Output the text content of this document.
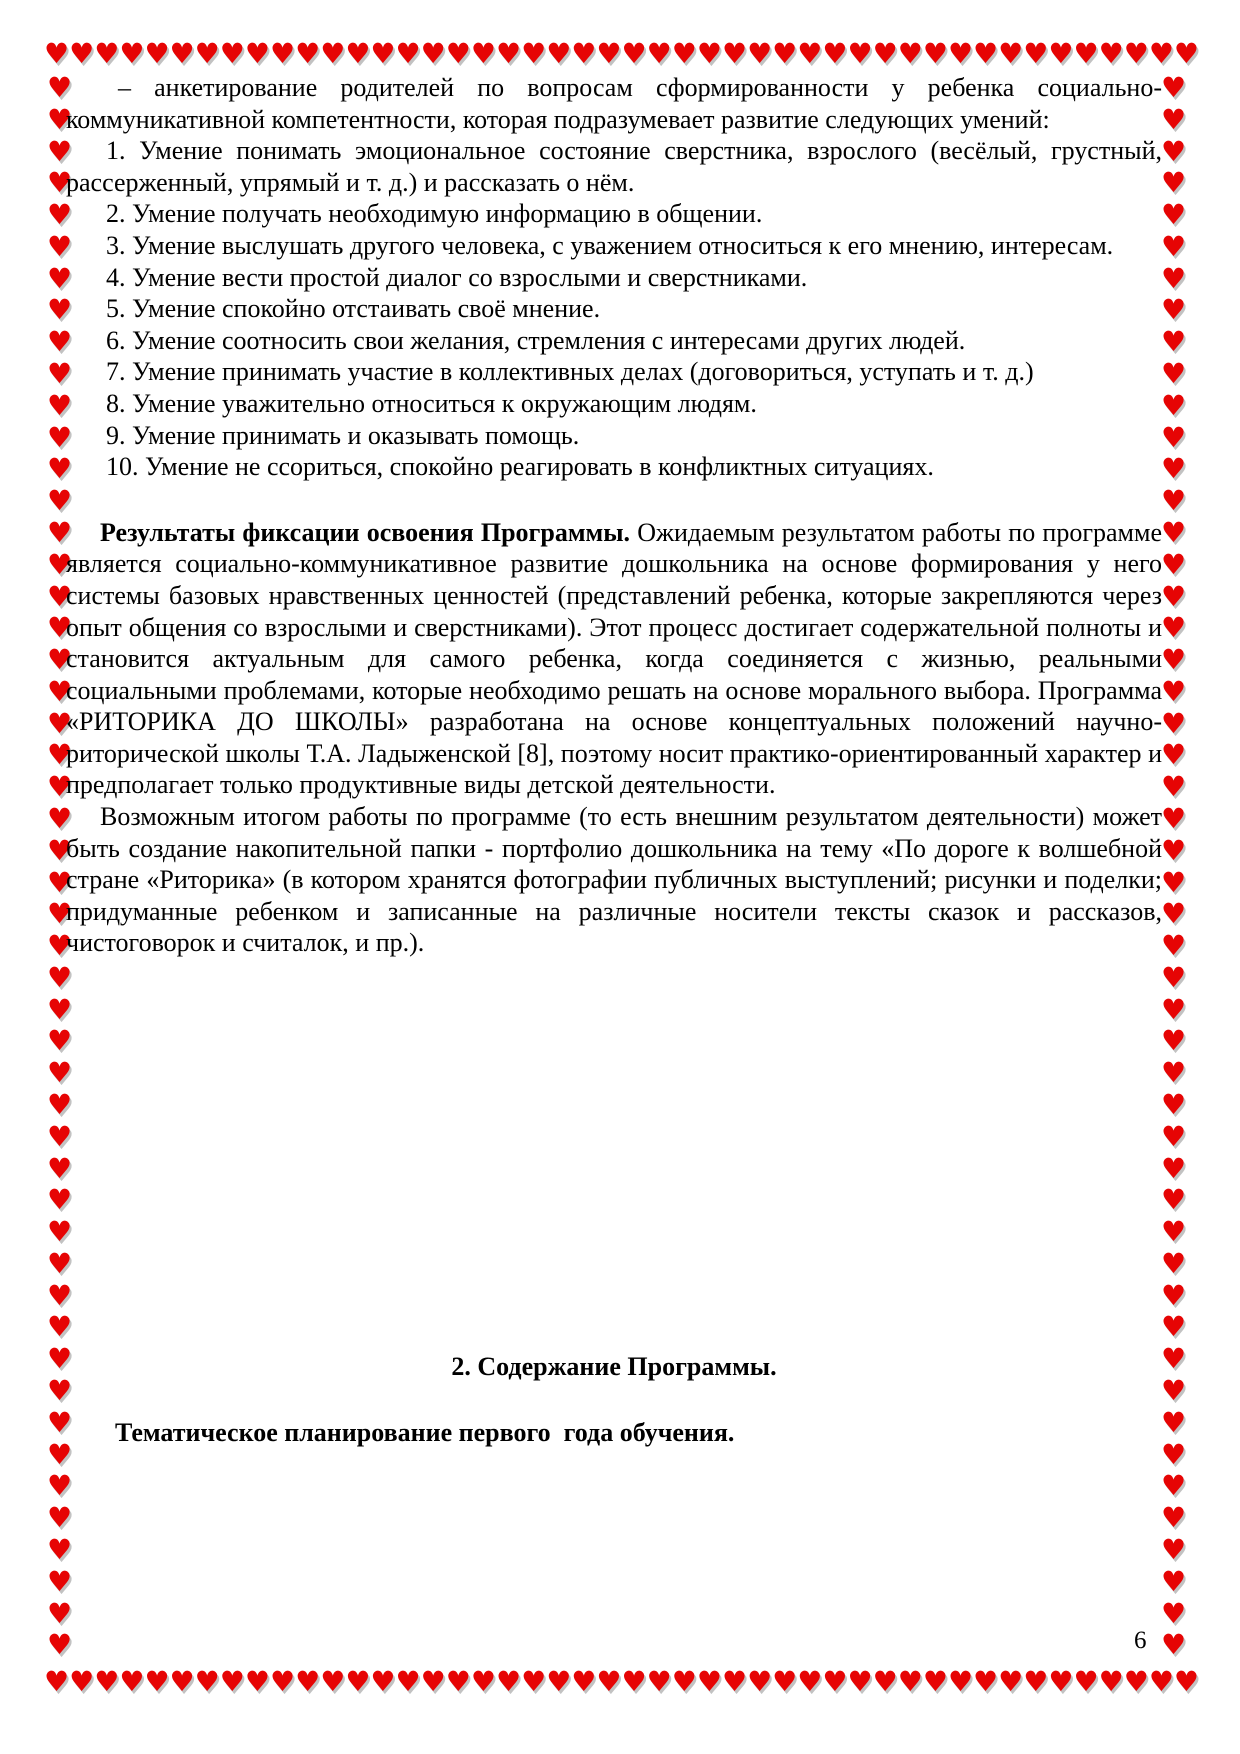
♥ ♥ ♥ ♥ ♥ ♥ ♥ ♥ ♥ ♥ ♥ ♥ ♥ ♥ ♥ ♥ ♥ ♥ ♥ ♥ ♥ ♥ ♥ ♥ ♥ ♥ ♥ ♥ ♥ ♥ ♥ ♥ ♥ ♥ ♥ ♥ ♥ ♥ ♥ ♥ ♥ ♥ ♥ ♥ ♥ ♥
♥
♥
♥
♥
♥
♥
♥
♥
♥
♥
♥
♥
♥
♥
♥
♥
♥
♥
♥
♥
♥
♥
♥
♥
♥
♥
♥
♥
♥
♥
♥
♥
♥
♥
♥
♥
♥
♥
♥
♥
♥
♥
♥
♥
♥
♥
♥
♥
♥
♥
♥
♥
♥
♥
♥
♥
♥
♥
♥
♥
♥
♥
♥
♥
♥
♥
♥
♥
♥
♥
♥
♥
♥
♥
♥
♥
♥
♥
♥
♥
♥
♥
♥
♥
♥
♥
♥
♥
♥
♥
♥
♥
♥
♥
♥
♥
♥
♥
♥
♥
♥ ♥ ♥ ♥ ♥ ♥ ♥ ♥ ♥ ♥ ♥ ♥ ♥ ♥ ♥ ♥ ♥ ♥ ♥ ♥ ♥ ♥ ♥ ♥ ♥ ♥ ♥ ♥ ♥ ♥ ♥ ♥ ♥ ♥ ♥ ♥ ♥ ♥ ♥ ♥ ♥ ♥ ♥ ♥ ♥ ♥

– анкетирование родителей по вопросам сформированности у ребенка социально-коммуникативной компетентности, которая подразумевает развитие следующих умений:

1. Умение понимать эмоциональное состояние сверстника, взрослого (весёлый, грустный, рассерженный, упрямый и т. д.) и рассказать о нём.

2. Умение получать необходимую информацию в общении.

3. Умение выслушать другого человека, с уважением относиться к его мнению, интересам.

4. Умение вести простой диалог со взрослыми и сверстниками.

5. Умение спокойно отстаивать своё мнение.

6. Умение соотносить свои желания, стремления с интересами других людей.

7. Умение принимать участие в коллективных делах (договориться, уступать и т. д.)

8. Умение уважительно относиться к окружающим людям.

9. Умение принимать и оказывать помощь.

10. Умение не ссориться, спокойно реагировать в конфликтных ситуациях.

Результаты фиксации освоения Программы. Ожидаемым результатом работы по программе является социально-коммуникативное развитие дошкольника на основе формирования у него системы базовых нравственных ценностей (представлений ребенка, которые закрепляются через опыт общения со взрослыми и сверстниками). Этот процесс достигает содержательной полноты и становится актуальным для самого ребенка, когда соединяется с жизнью, реальными социальными проблемами, которые необходимо решать на основе морального выбора. Программа «РИТОРИКА ДО ШКОЛЫ» разработана на основе концептуальных положений научно-риторической школы Т.А. Ладыженской [8], поэтому носит практико-ориентированный характер и предполагает только продуктивные виды детской деятельности.

Возможным итогом работы по программе (то есть внешним результатом деятельности) может быть создание накопительной папки - портфолио дошкольника на тему «По дороге к волшебной стране «Риторика» (в котором хранятся фотографии публичных выступлений; рисунки и поделки; придуманные ребенком и записанные на различные носители тексты сказок и рассказов, чистоговорок и считалок, и пр.).

2. Содержание Программы.

Тематическое планирование первого  года обучения.

6
